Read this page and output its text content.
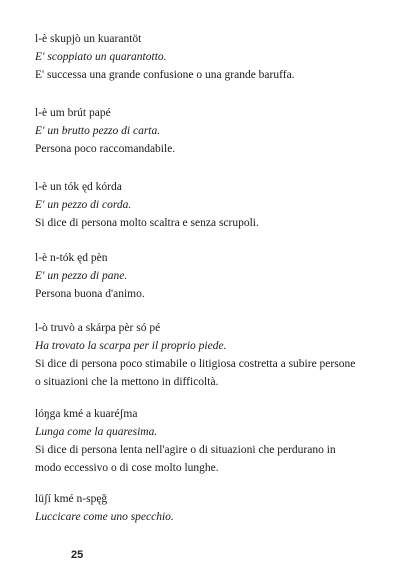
l-è skupjò un kuarantöt
E' scoppiato un quarantotto.
E' successa una grande confusione o una grande baruffa.
l-è um brút papé
E' un brutto pezzo di carta.
Persona poco raccomandabile.
l-è un tók ęd kórda
E' un pezzo di corda.
Si dice di persona molto scaltra e senza scrupoli.
l-è n-tók ęd pèn
E' un pezzo di pane.
Persona buona d'animo.
l-ò truvò a skárpa pèr só pé
Ha trovato la scarpa per il proprio piede.
Si dice di persona poco stimabile o litigiosa costretta a subire persone
o situazioni che la mettono in difficoltà.
lóŋga kmé a kuaréʃma
Lunga come la quaresima.
Si dice di persona lenta nell'agire o di situazioni che perdurano in
modo eccessivo o di cose molto lunghe.
lüʃí kmé n-spęğ
Luccicare come uno specchio.
25
